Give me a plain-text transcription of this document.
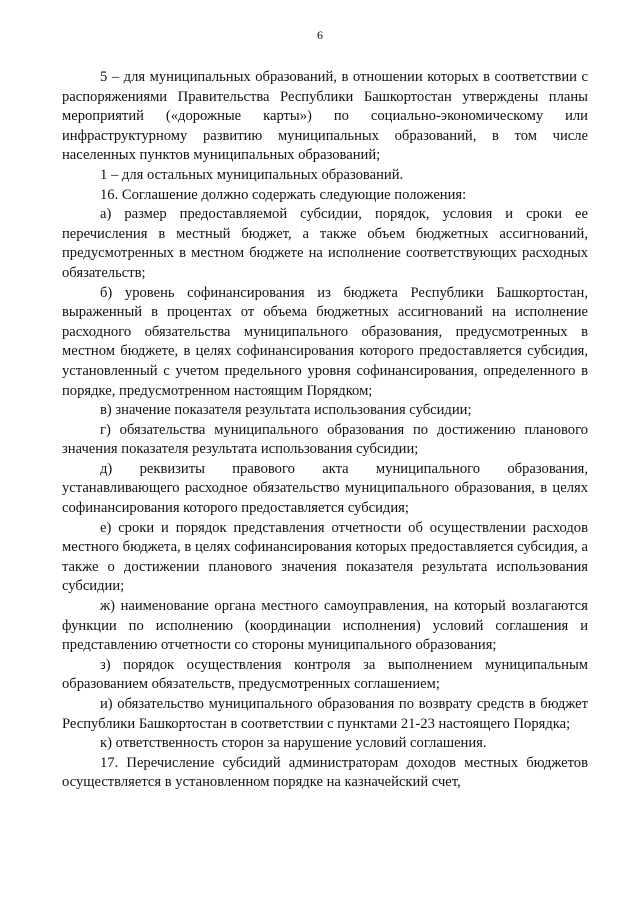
6

5 – для муниципальных образований, в отношении которых в соответствии с распоряжениями Правительства Республики Башкортостан утверждены планы мероприятий («дорожные карты») по социально-экономическому или инфраструктурному развитию муниципальных образований, в том числе населенных пунктов муниципальных образований;

1 – для остальных муниципальных образований.

16. Соглашение должно содержать следующие положения:

а) размер предоставляемой субсидии, порядок, условия и сроки ее перечисления в местный бюджет, а также объем бюджетных ассигнований, предусмотренных в местном бюджете на исполнение соответствующих расходных обязательств;

б) уровень софинансирования из бюджета Республики Башкортостан, выраженный в процентах от объема бюджетных ассигнований на исполнение расходного обязательства муниципального образования, предусмотренных в местном бюджете, в целях софинансирования которого предоставляется субсидия, установленный с учетом предельного уровня софинансирования, определенного в порядке, предусмотренном настоящим Порядком;

в) значение показателя результата использования субсидии;

г) обязательства муниципального образования по достижению планового значения показателя результата использования субсидии;

д) реквизиты правового акта муниципального образования, устанавливающего расходное обязательство муниципального образования, в целях софинансирования которого предоставляется субсидия;

е) сроки и порядок представления отчетности об осуществлении расходов местного бюджета, в целях софинансирования которых предоставляется субсидия, а также о достижении планового значения показателя результата использования субсидии;

ж) наименование органа местного самоуправления, на который возлагаются функции по исполнению (координации исполнения) условий соглашения и представлению отчетности со стороны муниципального образования;

з) порядок осуществления контроля за выполнением муниципальным образованием обязательств, предусмотренных соглашением;

и) обязательство муниципального образования по возврату средств в бюджет Республики Башкортостан в соответствии с пунктами 21-23 настоящего Порядка;

к) ответственность сторон за нарушение условий соглашения.

17. Перечисление субсидий администраторам доходов местных бюджетов осуществляется в установленном порядке на казначейский счет,
